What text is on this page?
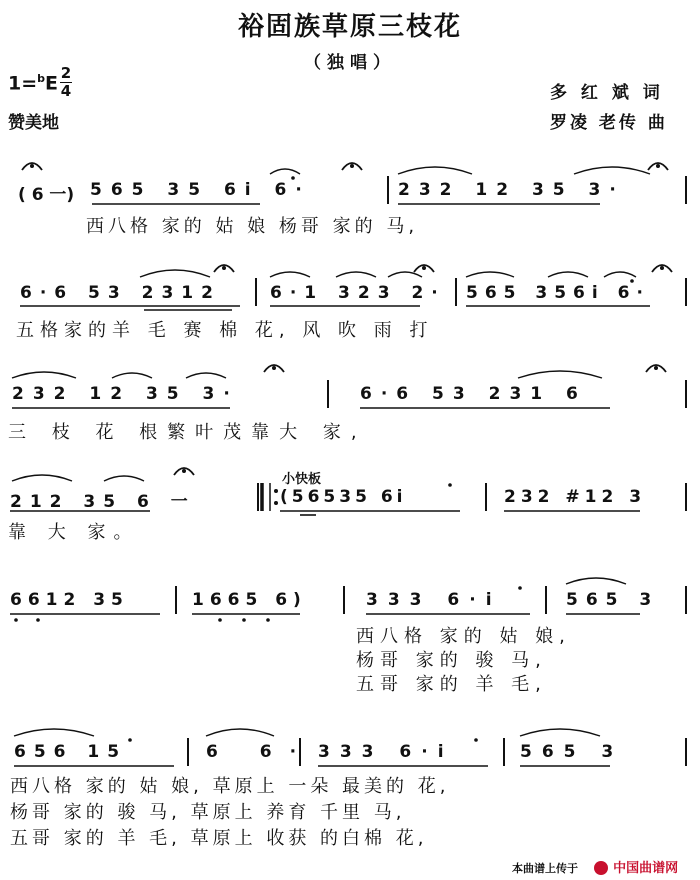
裕固族草原三枝花
（独唱）
1=$^b$E 2
4
赞美地
多 红 斌 词
罗凌 老传 曲
( 6 一) 565 35 6i 6·	232 12 35 3·
西八格 家的 姑 娘 杨哥 家的 马,
6·6 53 2312	6·1 323 2· 565 356i 6·
五格家的羊 毛 赛 棉 花, 风 吹 雨 打
232 12 35 3·	6·6 53 231 6
三 枝 花 根繁叶茂靠大 家,
小快板
212 35 6 一	(56535 6i	232 #12 3
靠 大 家。
6612 35	1665 6)	333 6·i	565 3
西八格 家的 姑 娘,
杨哥 家的 骏 马,
五哥 家的 羊 毛,
656 15	6 6· 333 6·i	565 3
西八格 家的 姑 娘, 草原上 一朵 最美的 花,
杨哥 家的 骏 马, 草原上 养育 千里 马,
五哥 家的 羊 毛, 草原上 收获 的白棉 花,
本曲谱上传于	中国曲谱网
